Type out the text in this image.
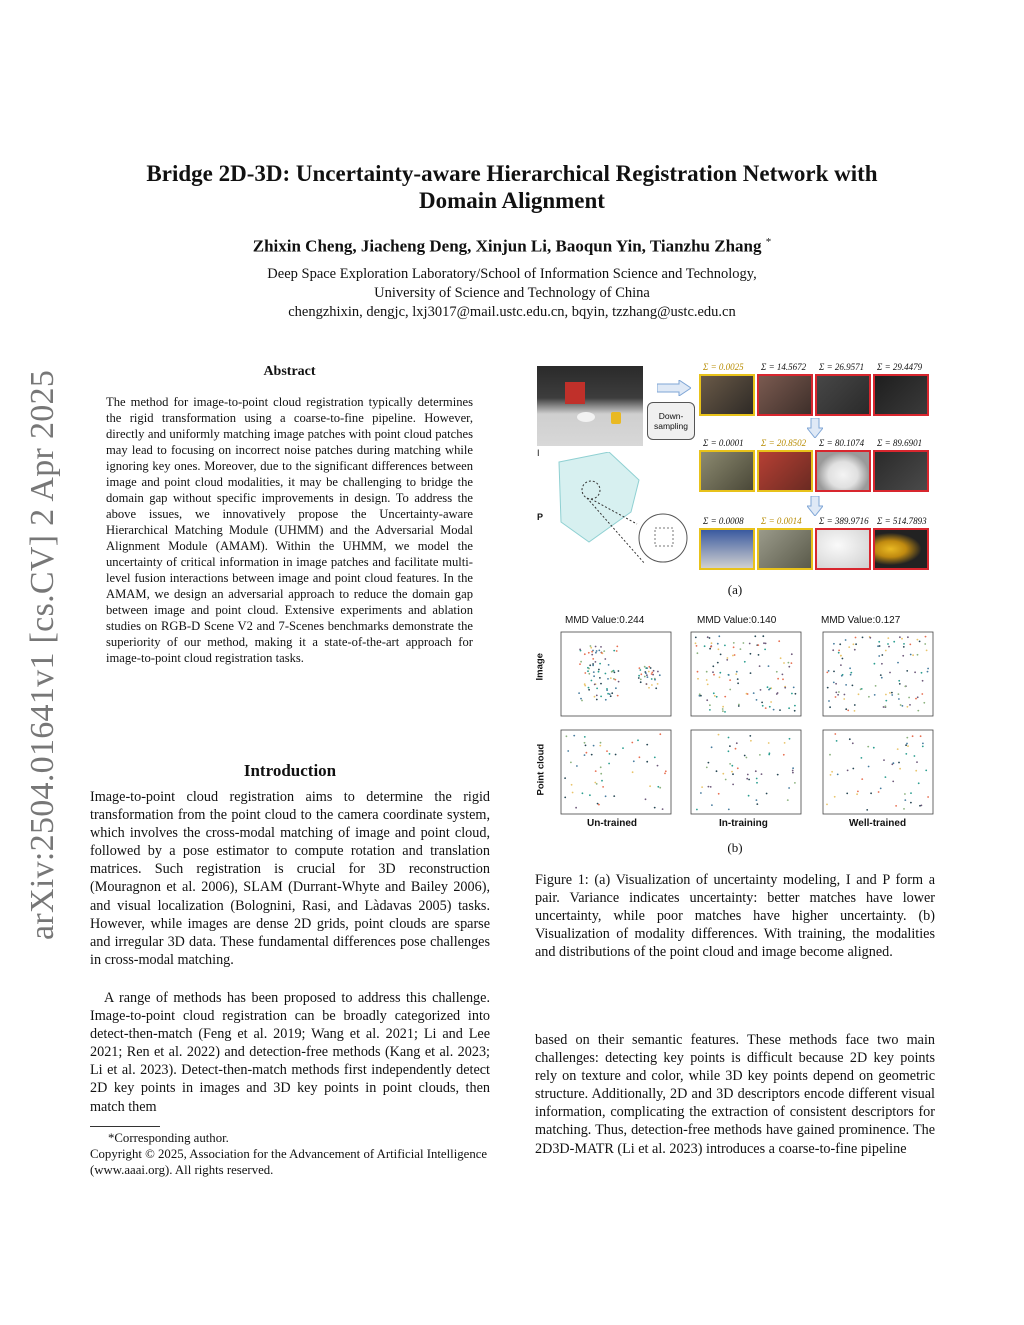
Bridge 2D-3D: Uncertainty-aware Hierarchical Registration Network with
Domain Alignment
Zhixin Cheng, Jiacheng Deng, Xinjun Li, Baoqun Yin, Tianzhu Zhang *
Deep Space Exploration Laboratory/School of Information Science and Technology,
University of Science and Technology of China
chengzhixin, dengjc, lxj3017@mail.ustc.edu.cn, bqyin, tzzhang@ustc.edu.cn
arXiv:2504.01641v1 [cs.CV] 2 Apr 2025	Abstract
The method for image-to-point cloud registration typically determines the rigid transformation using a coarse-to-fine pipeline. However, directly and uniformly matching image patches with point cloud patches may lead to focusing on incorrect noise patches during matching while ignoring key ones. Moreover, due to the significant differences between image and point cloud modalities, it may be challenging to bridge the domain gap without specific improvements in design. To address the above issues, we innovatively propose the Uncertainty-aware Hierarchical Matching Module (UHMM) and the Adversarial Modal Alignment Module (AMAM). Within the UHMM, we model the uncertainty of critical information in image patches and facilitate multi-level fusion interactions between image and point cloud features. In the AMAM, we design an adversarial approach to reduce the domain gap between image and point cloud. Extensive experiments and ablation studies on RGB-D Scene V2 and 7-Scenes benchmarks demonstrate the superiority of our method, making it a state-of-the-art approach for image-to-point cloud registration tasks.
Introduction
Image-to-point cloud registration aims to determine the rigid transformation from the point cloud to the camera coordinate system, which involves the cross-modal matching of image and point cloud, followed by a pose estimator to compute rotation and translation matrices. Such registration is crucial for 3D reconstruction (Mouragnon et al. 2006), SLAM (Durrant-Whyte and Bailey 2006), and visual localization (Bolognini, Rasi, and Làdavas 2005) tasks. However, while images are dense 2D grids, point clouds are sparse and irregular 3D data. These fundamental differences pose challenges in cross-modal matching.
A range of methods has been proposed to address this challenge. Image-to-point cloud registration can be broadly categorized into detect-then-match (Feng et al. 2019; Wang et al. 2021; Li and Lee 2021; Ren et al. 2022) and detection-free methods (Kang et al. 2023; Li et al. 2023). Detect-then-match methods first independently detect 2D key points in images and 3D key points in point clouds, then match them
*Corresponding author.
Copyright © 2025, Association for the Advancement of Artificial Intelligence (www.aaai.org). All rights reserved.
Down-sampling
I
P
Σ = 0.0025 Σ = 14.5672 Σ = 26.9571 Σ = 29.4479
Σ = 0.0001 Σ = 20.8502 Σ = 80.1074 Σ = 89.6901
Σ = 0.0008 Σ = 0.0014 Σ = 389.9716 Σ = 514.7893
(a)
MMD Value:0.244	MMD Value:0.140	MMD Value:0.127
Image
Point cloud
Un-trained	In-training	Well-trained
(b)
Figure 1: (a) Visualization of uncertainty modeling, I and P form a pair. Variance indicates uncertainty: better matches have lower uncertainty, while poor matches have higher uncertainty. (b) Visualization of modality differences. With training, the modalities and distributions of the point cloud and image become aligned.
based on their semantic features. These methods face two main challenges: detecting key points is difficult because 2D key points rely on texture and color, while 3D key points depend on geometric structure. Additionally, 2D and 3D descriptors encode different visual information, complicating the extraction of consistent descriptors for matching. Thus, detection-free methods have gained prominence. The 2D3D-MATR (Li et al. 2023) introduces a coarse-to-fine pipeline
